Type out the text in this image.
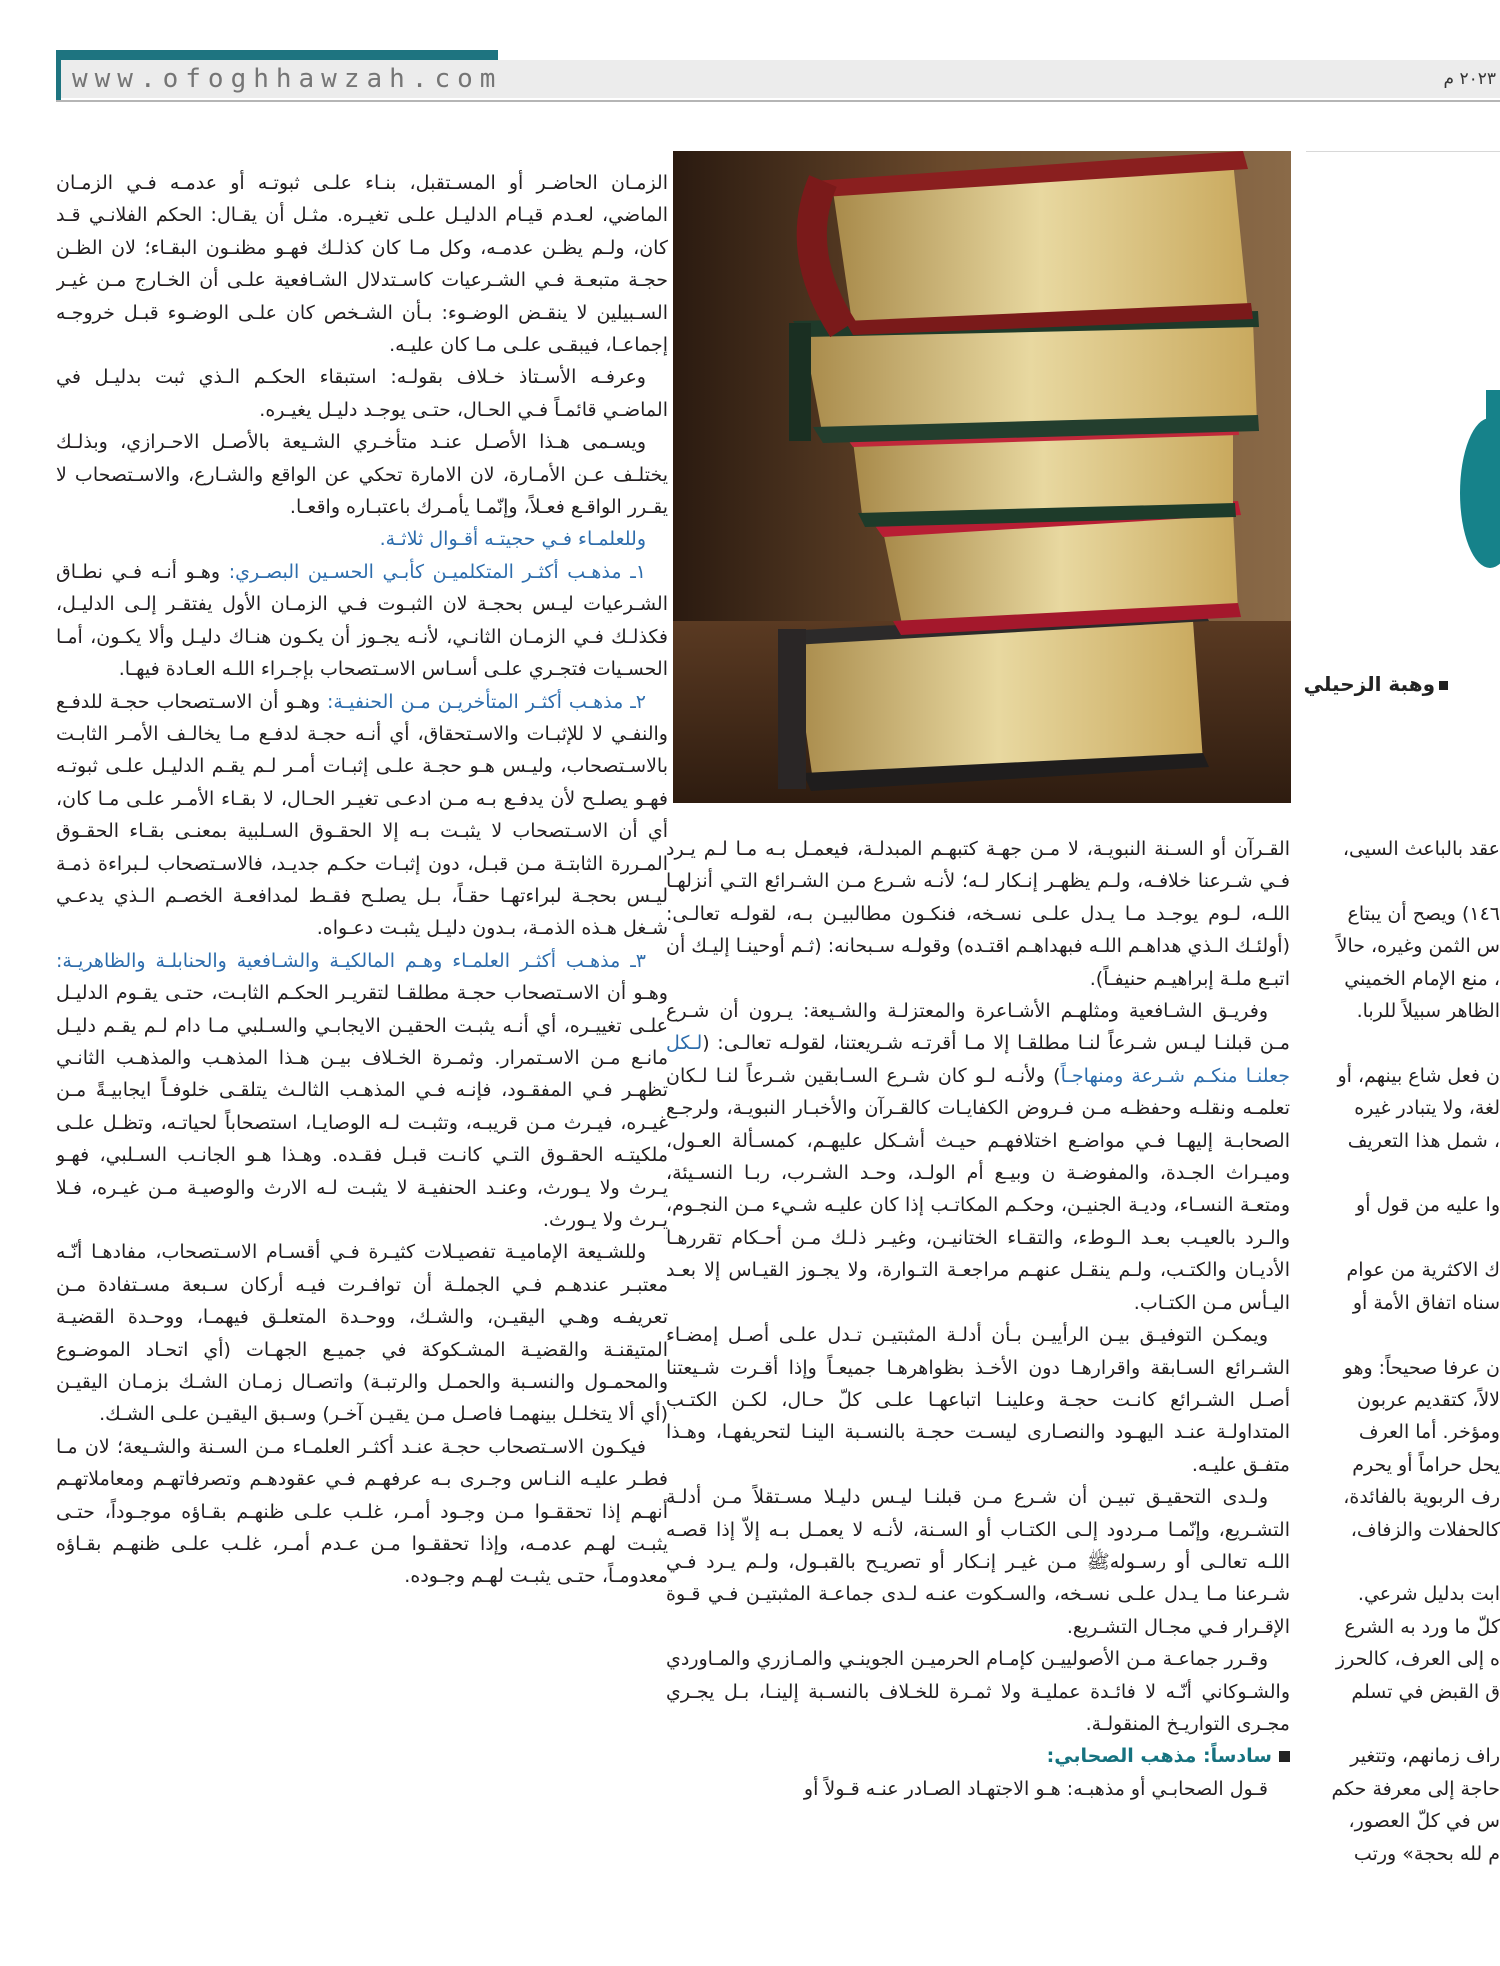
www.ofoghhawzah.com	۲۰۲۳ م
وهبة الزحيلي

الزمـان الحاضـر أو المسـتقبل، بنـاء علـى ثبوتـه أو عدمـه فـي الزمـان الماضي، لعـدم قيـام الدليـل علـى تغيـره. مثـل أن يقـال: الحكم الفلانـي قـد كان، ولـم يظـن عدمـه، وكل مـا كان كذلـك فهـو مظنـون البقـاء؛ لان الظـن حجـة متبعـة فـي الشـرعيات كاسـتدلال الشـافعية علـى أن الخـارج مـن غيـر السـبيلين لا ينقـض الوضـوء: بـأن الشـخص كان علـى الوضـوء قبـل خروجـه إجماعـا، فيبقـى علـى مـا كان عليـه.

وعرفـه الأسـتاذ خـلاف بقولـه: استبقاء الحكـم الـذي ثبت بدليـل في الماضـي قائمـاً فـي الحـال، حتـى يوجـد دليـل يغيـره.

ويسـمى هـذا الأصـل عنـد متأخـري الشـيعة بالأصـل الاحـرازي، وبذلـك يختلـف عـن الأمـارة، لان الامارة تحكي عن الواقع والشـارع، والاسـتصحاب لا يقـرر الواقـع فعـلاً، وإنّمـا يأمـرك باعتبـاره واقعـا.

وللعلمـاء فـي حجيتـه أقـوال ثلاثـة.

١ـ مذهـب أكثـر المتكلميـن كأبـي الحسـين البصـري: وهـو أنـه فـي نطـاق الشـرعيات ليـس بحجـة لان الثبـوت فـي الزمـان الأول يفتقـر إلـى الدليـل، فكذلـك فـي الزمـان الثانـي، لأنـه يجـوز أن يكـون هنـاك دليـل وألا يكـون، أمـا الحسـيات فتجـري علـى أسـاس الاسـتصحاب بإجـراء اللـه العـادة فيهـا.

٢ـ مذهـب أكثـر المتأخريـن مـن الحنفيـة: وهـو أن الاسـتصحاب حجـة للدفـع والنفـي لا للإثبـات والاسـتحقاق، أي أنـه حجـة لدفـع مـا يخالـف الأمـر الثابـت بالاسـتصحاب، وليـس هـو حجـة علـى إثبـات أمـر لـم يقـم الدليـل علـى ثبوتـه فهـو يصلـح لأن يدفـع بـه مـن ادعـى تغيـر الحـال، لا بقـاء الأمـر علـى مـا كان، أي أن الاسـتصحاب لا يثبـت بـه إلا الحقـوق السـلبية بمعنـى بقـاء الحقـوق المـررة الثابتـة مـن قبـل، دون إثبـات حكـم جديـد، فالاسـتصحاب لـبراءة ذمـة ليـس بحجـة لبراءتهـا حقـاً، بـل يصلـح فقـط لمدافعـة الخصـم الـذي يدعـي شـغل هـذه الذمـة، بـدون دليـل يثبـت دعـواه.

٣ـ مذهـب أكثـر العلمـاء وهـم المالكيـة والشـافعية والحنابلـة والظاهريـة: وهـو أن الاسـتصحاب حجـة مطلقـا لتقريـر الحكـم الثابـت، حتـى يقـوم الدليـل علـى تغييـره، أي أنـه يثبـت الحقيـن الايجابـي والسـلبي مـا دام لـم يقـم دليـل مانـع مـن الاسـتمرار. وثمـرة الخـلاف بيـن هـذا المذهـب والمذهـب الثانـي تظهـر فـي المفقـود، فإنـه فـي المذهـب الثالـث يتلقـى خلوفـاً ايجابيـةً مـن غيـره، فيـرث مـن قريبـه، وتثبـت لـه الوصايـا، استصحاباً لحياتـه، وتظـل علـى ملكيتـه الحقـوق التـي كانـت قبـل فقـده. وهـذا هـو الجانـب السـلبي، فهـو يـرث ولا يـورث، وعنـد الحنفيـة لا يثبـت لـه الارث والوصيـة مـن غيـره، فـلا يـرث ولا يـورث.

وللشـيعة الإماميـة تفصيـلات كثيـرة فـي أقسـام الاسـتصحاب، مفادهـا أنّـه معتبـر عندهـم فـي الجملـة أن توافـرت فيـه أركان سـبعة مسـتفادة مـن تعريفـه وهـي اليقيـن، والشـك، ووحـدة المتعلـق فيهمـا، ووحـدة القضيـة المتيقنـة والقضيـة المشـكوكة في جميـع الجهـات (أي اتحـاد الموضـوع والمحمـول والنسـبة والحمـل والرتبـة) واتصـال زمـان الشـك بزمـان اليقيـن (أي ألا يتخلـل بينهمـا فاصـل مـن يقيـن آخـر) وسـبق اليقيـن علـى الشـك.

فيكـون الاسـتصحاب حجـة عنـد أكثـر العلمـاء مـن السـنة والشـيعة؛ لان مـا فطـر عليـه النـاس وجـرى بـه عرفهـم فـي عقودهـم وتصرفاتهـم ومعاملاتهـم أنهـم إذا تحققـوا مـن وجـود أمـر، غلـب علـى ظنهـم بقـاؤه موجـوداً، حتـى يثبـت لهـم عدمـه، وإذا تحققـوا مـن عـدم أمـر، غلـب علـى ظنهـم بقـاؤه معدومـاً، حتـى يثبـت لهـم وجـوده.

القـرآن أو السـنة النبويـة، لا مـن جهـة كتبهـم المبدلـة، فيعمـل بـه مـا لـم يـرد فـي شـرعنا خلافـه، ولـم يظهـر إنـكار لـه؛ لأنـه شـرع مـن الشـرائع التـي أنزلهـا اللـه، لـوم يوجـد مـا يـدل علـى نسـخه، فنكـون مطالبيـن بـه، لقولـه تعالـى: (أولئـك الـذي هداهـم اللـه فبهداهـم اقتـده) وقولـه سـبحانه: (ثـم أوحينـا إليـك أن اتبـع ملـة إبراهيـم حنيفـاً).

وفريـق الشـافعية ومثلهـم الأشـاعرة والمعتزلـة والشـيعة: يـرون أن شـرع مـن قبلنـا ليـس شـرعاً لنـا مطلقـا إلا مـا أقرتـه شـريعتنا، لقولـه تعالـى: (لـكل جعلنـا منكـم شـرعة ومنهاجـاً) ولأنـه لـو كان شـرع السـابقين شـرعاً لنـا لـكان تعلمـه ونقلـه وحفظـه مـن فـروض الكفايـات كالقـرآن والأخبـار النبويـة، ولرجـع الصحابـة إليهـا فـي مواضـع اختلافهـم حيـث أشـكل عليهـم، كمسـألة العـول، وميـراث الجـدة، والمفوضـة ن وبيـع أم الولـد، وحـد الشـرب، ربـا النسـيئة، ومتعـة النسـاء، وديـة الجنيـن، وحكـم المكاتـب إذا كان عليـه شـيء مـن النجـوم، والـرد بالعيـب بعـد الـوطء، والتقـاء الختانيـن، وغيـر ذلـك مـن أحـكام تقررهـا الأديـان والكتـب، ولـم ينقـل عنهـم مراجعـة التـوارة، ولا يجـوز القيـاس إلا بعـد اليـأس مـن الكتـاب.

ويمكـن التوفيـق بيـن الرأييـن بـأن أدلـة المثبتيـن تـدل علـى أصـل إمضـاء الشـرائع السـابقة واقرارهـا دون الأخـذ بظواهرهـا جميعـاً وإذا أقـرت شـيعتنا أصـل الشـرائع كانـت حجـة وعلينـا اتباعهـا علـى كلّ حـال، لكـن الكتـب المتداولـة عنـد اليهـود والنصـارى ليسـت حجـة بالنسـبة الينـا لتحريفهـا، وهـذا متفـق عليـه.

ولـدى التحقيـق تبيـن أن شـرع مـن قبلنـا ليـس دليـلا مسـتقلاً مـن أدلـة التشـريع، وإنّمـا مـردود إلـى الكتـاب أو السـنة، لأنـه لا يعمـل بـه إلاّ إذا قصـه اللـه تعالـى أو رسـولهﷺ مـن غيـر إنـكار أو تصريـح بالقبـول، ولـم يـرد فـي شـرعنا مـا يـدل علـى نسـخه، والسـكوت عنـه لـدى جماعـة المثبتيـن فـي قـوة الإقـرار فـي مجـال التشـريع.

وقـرر جماعـة مـن الأصولييـن كإمـام الحرميـن الجوينـي والمـازري والمـاوردي والشـوكاني أنّـه لا فائـدة عمليـة ولا ثمـرة للخـلاف بالنسـبة إلينـا، بـل يجـري مجـرى التواريـخ المنقولـة.

سادساً: مذهب الصحابي:

قـول الصحابـي أو مذهبـه: هـو الاجتهـاد الصـادر عنـه قـولاً أو

عقد بالباعث السيى،

١٤٦) ويصح أن يبتاع

س الثمن وغيره، حالاً

، منع الإمام الخميني

الظاهر سبيلاً للربا.

ن فعل شاع بينهم، أو

لغة، ولا يتبادر غيره

، شمل هذا التعريف

وا عليه من قول أو

ك الاكثرية من عوام

سناه اتفاق الأمة أو

ن عرفا صحيحاً: وهو

لالاً، كتقديم عربون

ومؤخر. أما العرف

يحل حراماً أو يحرم

رف الربوية بالفائدة،

كالحفلات والزفاف،

ابت بدليل شرعي.

كلّ ما ورد به الشرع

ه إلى العرف، كالحرز

ق القبض في تسلم

راف زمانهم، وتتغير

حاجة إلى معرفة حكم

س في كلّ العصور،

م لله بحجة» ورتب
